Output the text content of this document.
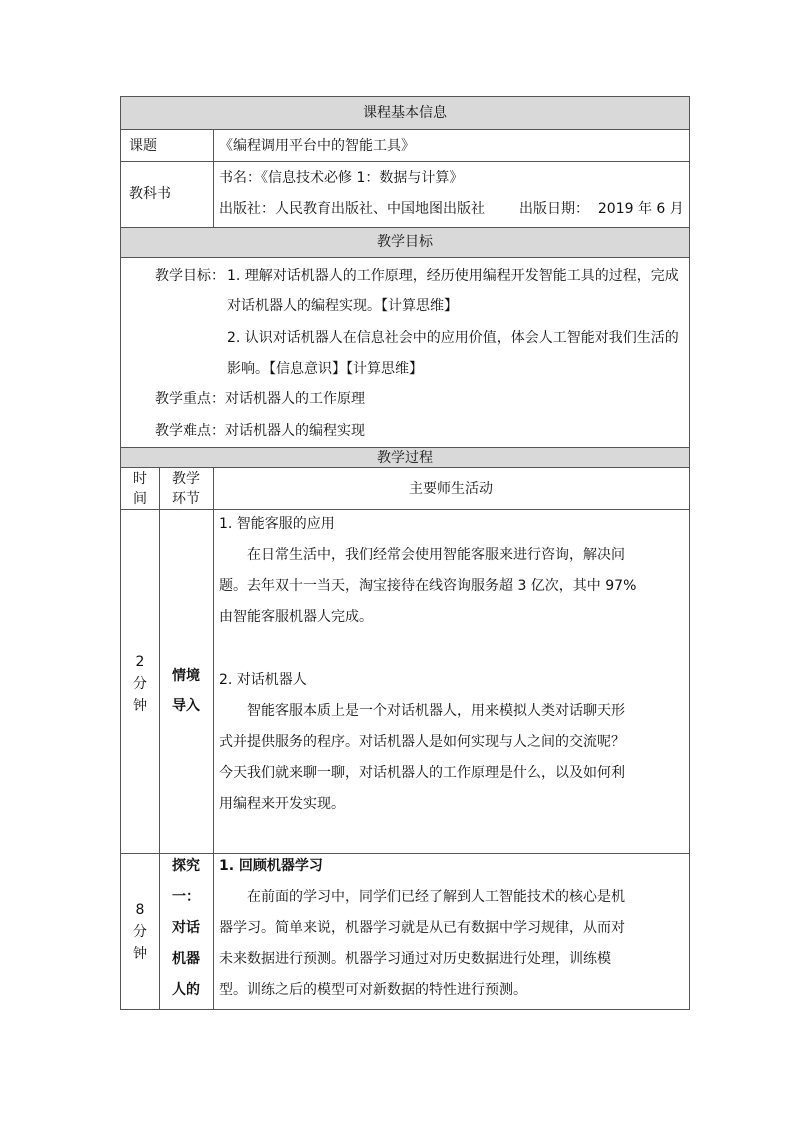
课程基本信息
课题	《编程调用平台中的智能工具》
教科书
书名：《信息技术必修 1：数据与计算》
出版社：人民教育出版社、中国地图出版社 出版日期：  2019 年 6 月
教学目标
教学目标： 1. 理解对话机器人的工作原理，经历使用编程开发智能工具的过程，完成
对话机器人的编程实现。【计算思维】
2. 认识对话机器人在信息社会中的应用价值，体会人工智能对我们生活的
影响。【信息意识】【计算思维】
教学重点：对话机器人的工作原理
教学难点：对话机器人的编程实现
教学过程
时
间
教学
环节
主要师生活动
2
分
钟
情境
导入
1. 智能客服的应用
在日常生活中，我们经常会使用智能客服来进行咨询，解决问
题。去年双十一当天，淘宝接待在线咨询服务超 3 亿次，其中 97%
由智能客服机器人完成。
2. 对话机器人
智能客服本质上是一个对话机器人，用来模拟人类对话聊天形
式并提供服务的程序。对话机器人是如何实现与人之间的交流呢？
今天我们就来聊一聊，对话机器人的工作原理是什么，以及如何利
用编程来开发实现。
8
分
钟
探究
一：
对话
机器
人的
1. 回顾机器学习
在前面的学习中，同学们已经了解到人工智能技术的核心是机
器学习。简单来说，机器学习就是从已有数据中学习规律，从而对
未来数据进行预测。机器学习通过对历史数据进行处理，训练模
型。训练之后的模型可对新数据的特性进行预测。
